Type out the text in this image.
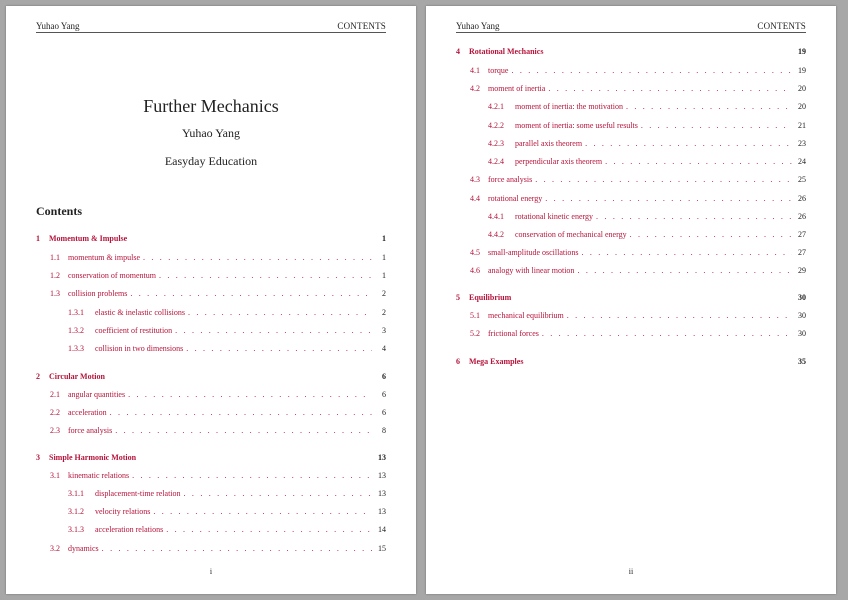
Yuhao Yang	CONTENTS
Further Mechanics
Yuhao Yang
Easyday Education
Contents
1	Momentum & Impulse	1
1.1	momentum & impulse . . .	1
1.2	conservation of momentum . . .	1
1.3	collision problems . . .	2
1.3.1	elastic & inelastic collisions . . .	2
1.3.2	coefficient of restitution . . .	3
1.3.3	collision in two dimensions . . .	4
2	Circular Motion	6
2.1	angular quantities . . .	6
2.2	acceleration . . .	6
2.3	force analysis . . .	8
3	Simple Harmonic Motion	13
3.1	kinematic relations . . .	13
3.1.1	displacement-time relation . . .	13
3.1.2	velocity relations . . .	13
3.1.3	acceleration relations . . .	14
3.2	dynamics . . .	15
i
Yuhao Yang	CONTENTS
4	Rotational Mechanics	19
4.1	torque . . .	19
4.2	moment of inertia . . .	20
4.2.1	moment of inertia: the motivation . . .	20
4.2.2	moment of inertia: some useful results . . .	21
4.2.3	parallel axis theorem . . .	23
4.2.4	perpendicular axis theorem . . .	24
4.3	force analysis . . .	25
4.4	rotational energy . . .	26
4.4.1	rotational kinetic energy . . .	26
4.4.2	conservation of mechanical energy . . .	27
4.5	small-amplitude oscillations . . .	27
4.6	analogy with linear motion . . .	29
5	Equilibrium	30
5.1	mechanical equilibrium . . .	30
5.2	frictional forces . . .	30
6	Mega Examples	35
ii
